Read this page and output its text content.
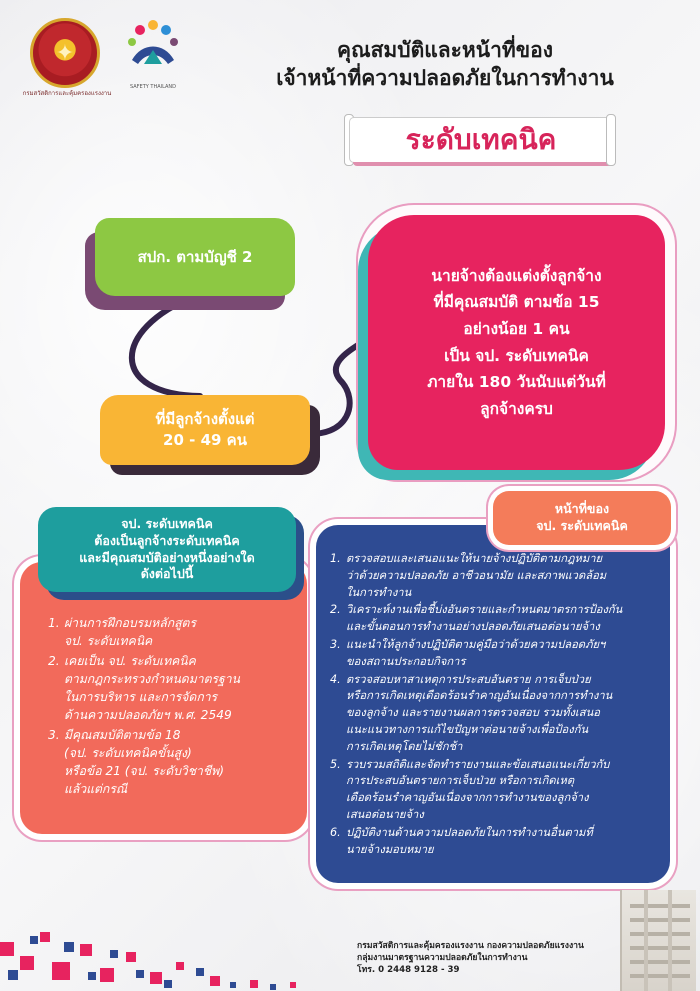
✦
กรมสวัสดิการและคุ้มครองแรงงาน
SAFETY THAILAND
คุณสมบัติและหน้าที่ของ
เจ้าหน้าที่ความปลอดภัยในการทำงาน
ระดับเทคนิค
สปก. ตามบัญชี 2
ที่มีลูกจ้างตั้งแต่
20 - 49 คน
นายจ้างต้องแต่งตั้งลูกจ้าง
ที่มีคุณสมบัติ ตามข้อ 15
อย่างน้อย 1 คน
เป็น จป. ระดับเทคนิค
ภายใน 180 วันนับแต่วันที่
ลูกจ้างครบ
1. ผ่านการฝึกอบรมหลักสูตร
จป. ระดับเทคนิค
2. เคยเป็น จป. ระดับเทคนิค
ตามกฎกระทรวงกำหนดมาตรฐาน
ในการบริหาร และการจัดการ
ด้านความปลอดภัยฯ พ.ศ. 2549
3. มีคุณสมบัติตามข้อ 18
(จป. ระดับเทคนิคขั้นสูง)
หรือข้อ 21 (จป. ระดับวิชาชีพ)
แล้วแต่กรณี
จป. ระดับเทคนิค
ต้องเป็นลูกจ้างระดับเทคนิค
และมีคุณสมบัติอย่างหนึ่งอย่างใด
ดังต่อไปนี้
1. ตรวจสอบและเสนอแนะให้นายจ้างปฏิบัติตามกฎหมาย
ว่าด้วยความปลอดภัย อาชีวอนามัย และสภาพแวดล้อม
ในการทำงาน
2. วิเคราะห์งานเพื่อชี้บ่งอันตรายและกำหนดมาตรการป้องกัน
และขั้นตอนการทำงานอย่างปลอดภัยเสนอต่อนายจ้าง
3. แนะนำให้ลูกจ้างปฏิบัติตามคู่มือว่าด้วยความปลอดภัยฯ
ของสถานประกอบกิจการ
4. ตรวจสอบหาสาเหตุการประสบอันตราย การเจ็บป่วย
หรือการเกิดเหตุเดือดร้อนรำคาญอันเนื่องจากการทำงาน
ของลูกจ้าง และรายงานผลการตรวจสอบ รวมทั้งเสนอ
แนะแนวทางการแก้ไขปัญหาต่อนายจ้างเพื่อป้องกัน
การเกิดเหตุโดยไม่ชักช้า
5. รวบรวมสถิติและจัดทำรายงานและข้อเสนอแนะเกี่ยวกับ
การประสบอันตรายการเจ็บป่วย หรือการเกิดเหตุ
เดือดร้อนรำคาญอันเนื่องจากการทำงานของลูกจ้าง
เสนอต่อนายจ้าง
6. ปฏิบัติงานด้านความปลอดภัยในการทำงานอื่นตามที่
นายจ้างมอบหมาย
หน้าที่ของ
จป. ระดับเทคนิค
กรมสวัสดิการและคุ้มครองแรงงาน กองความปลอดภัยแรงงาน
กลุ่มงานมาตรฐานความปลอดภัยในการทำงาน
โทร. 0 2448 9128 - 39
